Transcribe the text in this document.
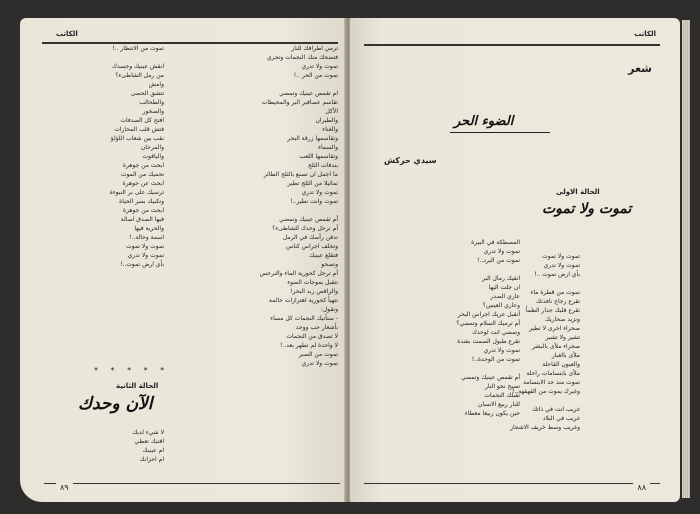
الكاتب
ترمي اطرافك للنار
فتضحك منك النجمات وتجري
تموت ولا تدري
تموت من الحر ..!

ام تقمص عينيك وتمضي
تقاسم عصافير البر والمحيطات
الأكل
والطيران
والغناء
وتقاسمها زرقة البحر
والسماء
وتقاسمها اللعب
بندفات الثلج
ما اجمل ان تصنع بالثلج الطائر
تماثيلا من الثلج تطير
تموت ولا تدري
تموت وانت تطير..!

أم تقمص عينيك وتمضي
أم ترحل وحدك للشاطىء؟
تدفن رأسك في الرمل
وتخلف اجراس كناس
فتقلع عينيك
وتصحو
أم ترحل كحورية الماء والنرجس
تتقبل بموجات الضوء
والراقص زبد البحر!
تتهيأ كحورية اهتزازات حالمة
وتقول:
- ستأتيك النجمات كل مساء
بأشعار حب ووجد
لا تصدق من النجمات
لا واحدة لم تطهر بعد..!
تموت من الصبر
تموت ولا تدري
تموت من الانتظار ..!

انقش عينيك وجسدك
من رمل الشاطىء؟
وامش
تتشق الحصى
والطحالب
والصخور
افتح كل الصدفات
فتش قلب المحارات
نقب بين شعاب اللؤلؤ
والمرجان
والياقوت
ابحث من جوهرة
تحميك من الموت
ابحث عن جوهرة
ترسيك على بر النبوءة
وتكبيك بسر الحياة
ابحث من جوهرة
فيها الصدق اصالة
والحرية فيها
اسمة وحالة..!
تموت ولا تموت
تموت ولا تدري
بأي ارض تموت..!
* * * * *
الحالة الثانية
الآن وحدك
لا شيء لديك
اقتبك تعطي
ام عينيك
ام احزانك
٨٩
الكاتب
شعر
الضوء الحر
سيدي حركش
الحالة الاولى
تموت ولا تموت
تموت ولا تموت
تموت ولا تدري
بأي ارض تموت ..!

تموت من قطرة ماء
تقرع زجاج نافذتك
تقرع قلبك جدار الظمأ
وتزيد صحاريك
صحراء اخرى لا تطير
تشير ولا تشير
صحراء ملأى بالبشر
ملأى بالغبار
والعيون القاحلة
ملأى بابتسامات راحلة
تموت منذ حد الابتسامة
وغيرك يموت من القهقهة..!

غريب انت في ذاتك
غريب في البلاد
وغريب وسط خريف الاشجار
المصطكة في البيرة
تموت ولا تدري
تموت من البرد..!

اتقيك رمال البر
ان جلت اليها
عاري الصدر
وعاري العينين؟
أتقبل عريك اجراس البحر
أم ترميك السلام وتمضي؟
وتمضي انت لوحدك
تقرع طبول الصمت بشدة
تموت ولا تدري
تموت من الوحدة..!

أم تقمص عينيك وتمضي
تصيح نحو النار
تقبلك النجمات
للنار ربيع الانسان
حين يكون ربيعا معطاء
٨٨
